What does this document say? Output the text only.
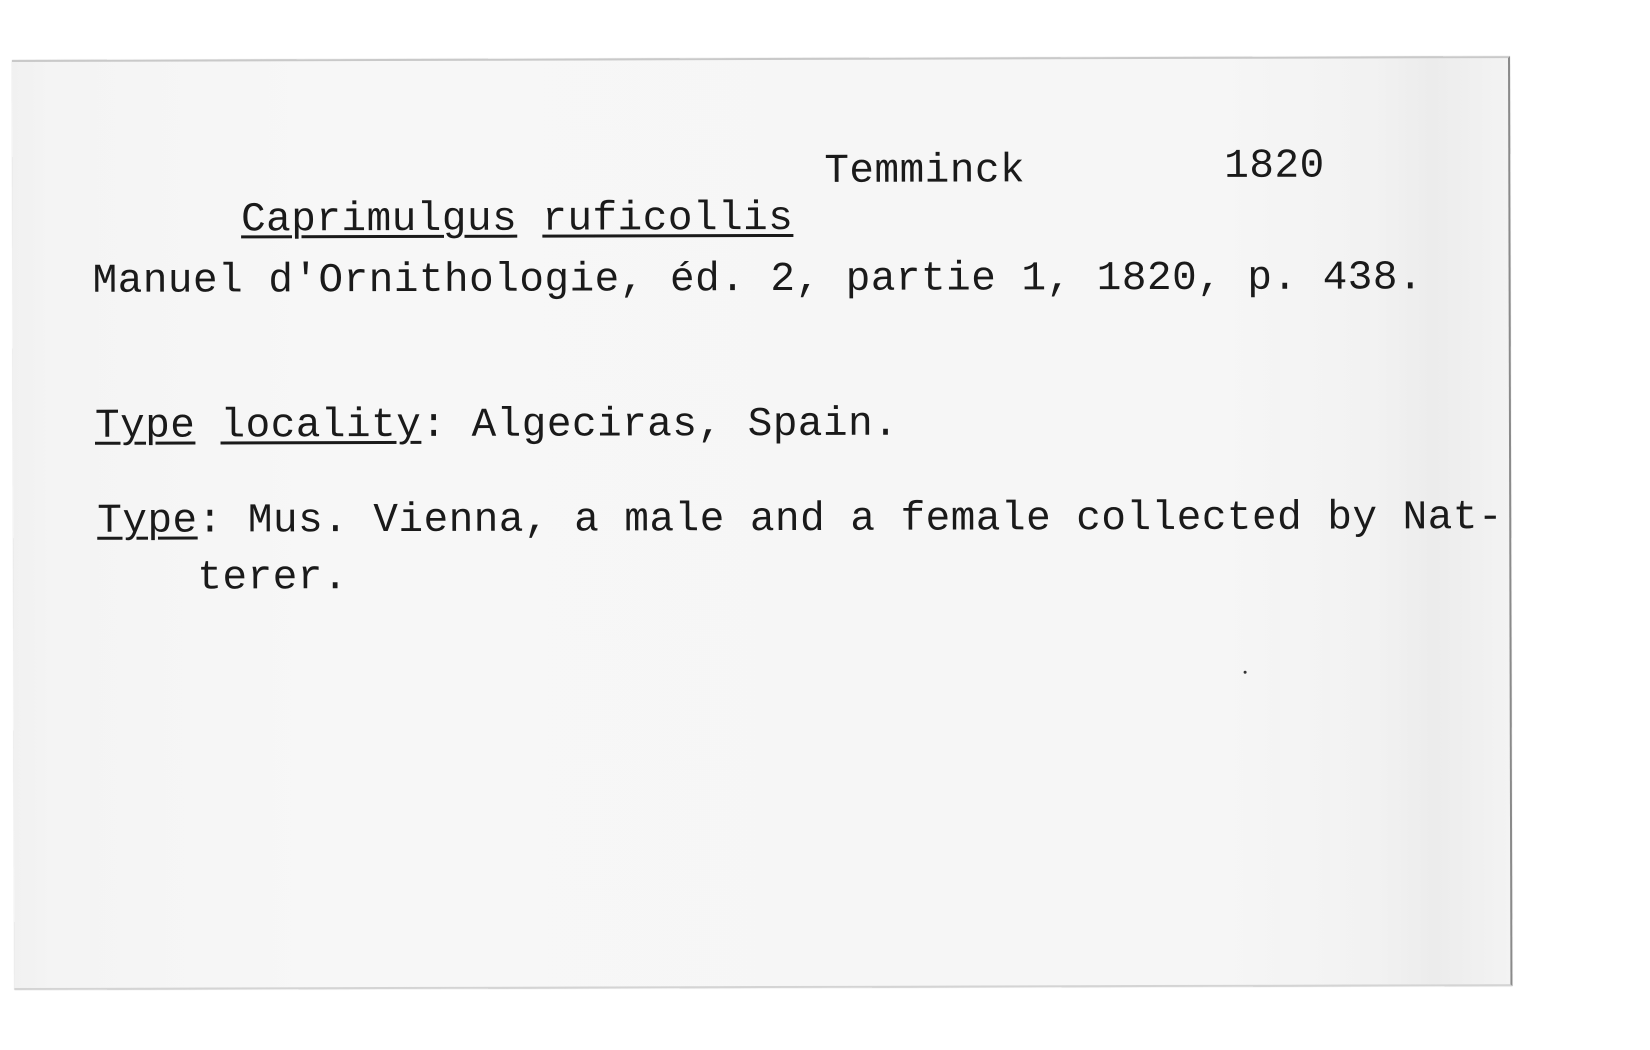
Caprimulgus ruficollis

Temminck	1820
Manuel d'Ornithologie, éd. 2, partie 1, 1820, p. 438.
Type locality: Algeciras, Spain.
Type: Mus. Vienna, a male and a female collected by Nat-
terer.
